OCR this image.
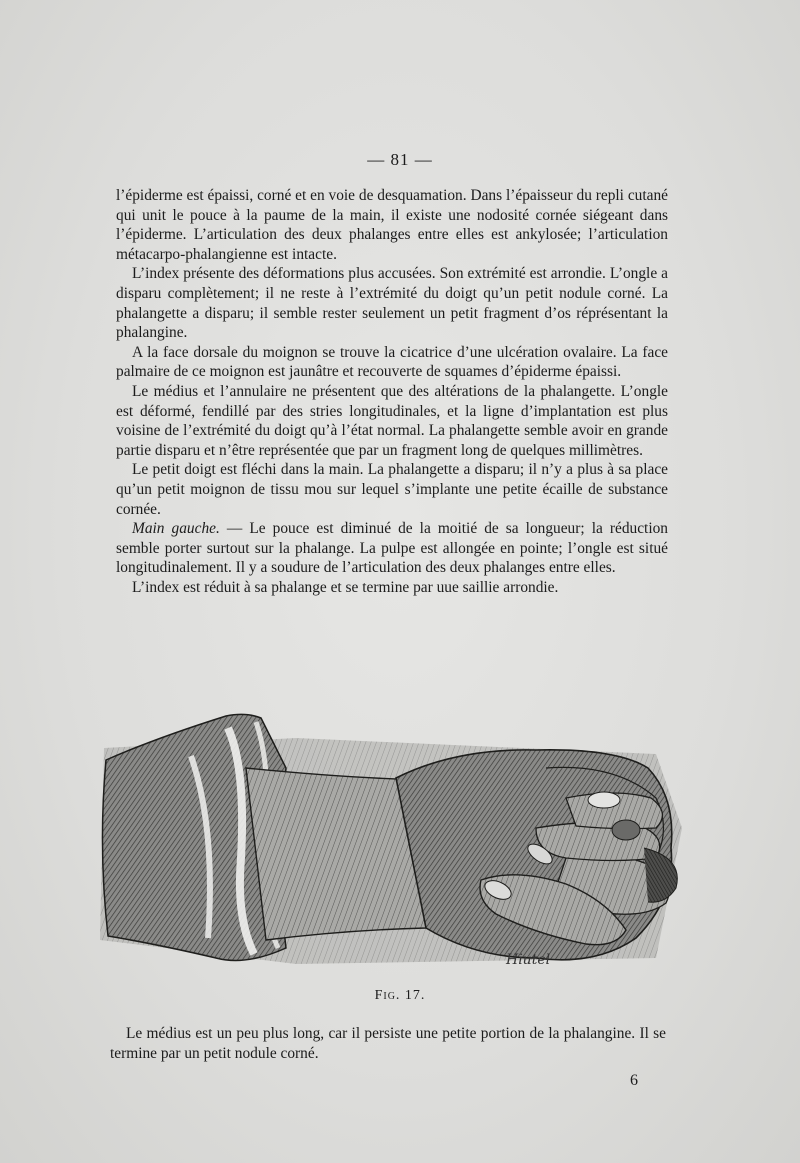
— 81 —

l’épiderme est épaissi, corné et en voie de desquamation. Dans l’épaisseur du repli cutané qui unit le pouce à la paume de la main, il existe une nodosité cornée siégeant dans l’épiderme. L’articulation des deux phalanges entre elles est ankylosée; l’articulation métacarpo-phalangienne est intacte.

L’index présente des déformations plus accusées. Son extrémité est arrondie. L’ongle a disparu complètement; il ne reste à l’extrémité du doigt qu’un petit nodule corné. La phalangette a disparu; il semble rester seulement un petit fragment d’os réprésentant la phalangine.

A la face dorsale du moignon se trouve la cicatrice d’une ulcération ovalaire. La face palmaire de ce moignon est jaunâtre et recouverte de squames d’épiderme épaissi.

Le médius et l’annulaire ne présentent que des altérations de la phalangette. L’ongle est déformé, fendillé par des stries longitudinales, et la ligne d’implantation est plus voisine de l’extrémité du doigt qu’à l’état normal. La phalangette semble avoir en grande partie disparu et n’être représentée que par un fragment long de quelques millimètres.

Le petit doigt est fléchi dans la main. La phalangette a disparu; il n’y a plus à sa place qu’un petit moignon de tissu mou sur lequel s’implante une petite écaille de substance cornée.

Main gauche. — Le pouce est diminué de la moitié de sa longueur; la réduction semble porter surtout sur la phalange. La pulpe est allongée en pointe; l’ongle est situé longitudinalement. Il y a soudure de l’articulation des deux phalanges entre elles.

L’index est réduit à sa phalange et se termine par uue saillie arrondie.

Hiutel
Fig. 17.

Le médius est un peu plus long, car il persiste une petite portion de la phalangine. Il se termine par un petit nodule corné.

6
